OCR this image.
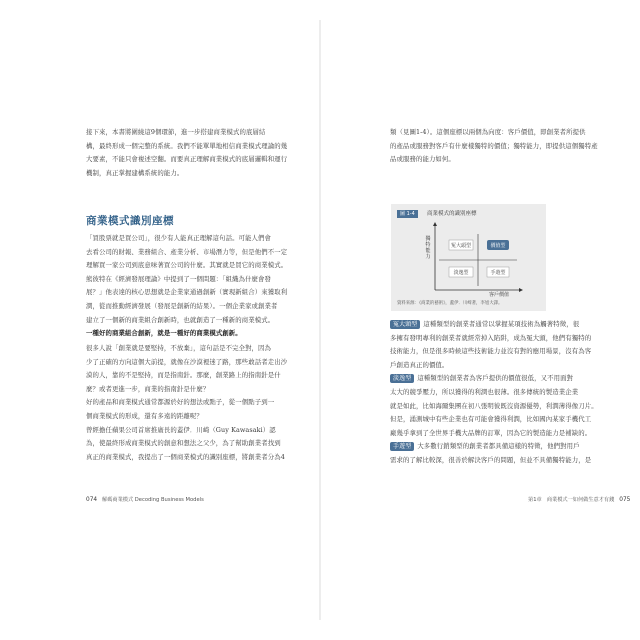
接下來，本書將圍繞這9個環節，進一步搭建商業模式的底層結
構，最終形成一個完整的系統。我們不能單單地相信商業模式理論的幾
大要素，不能只會複述空翻。而要真正理解商業模式的底層邏輯和運行
機制，真正掌握建構系統的能力。
商業模式識別座標
「買股票就是買公司」，很少有人能真正理解這句話。可能人們會
去看公司的財報、業務組合、產業分析、市場潛力等，但是他們不一定
理解買一家公司到底意味著買公司的什麼。其實就是買它的商業模式。
熊彼特在《經濟發展理論》中提到了一個問題：「組織為什麼會發
展？」他表達的核心思想就是企業家通過創新（實現新組合）來獲取利
潤，從而推動經濟發展（發展是創新的結果）。一個企業家或創業者
建立了一個新的商業組合創新時，也就創造了一種新的商業模式。
一種好的商業組合創新，就是一種好的商業模式創新。
很多人說「創業就是要堅持，不放棄」，這句話是不完全對，因為
少了正確的方向這個大前提，就像在沙漠裡迷了路，那些敢話者走出沙
漠的人，靠的不是堅持，而是指南針。那麼，創業路上的指南針是什
麼？或者更進一步，商業的指南針是什麼？
好的產品和商業模式通常都源於好的想法或點子，從一個點子到一
個商業模式的形成，還有多遠的距離呢？
曾經擔任蘋果公司首席推廣長的蓋伊．川崎（Guy Kawasaki）認
為，使最終形成商業模式的創意和想法之父少，為了幫助創業者找到
真正的商業模式，我提出了一個商業模式的識別座標，將創業者分為4
074 解碼商業模式 Decoding Business Models
類（見圖1-4）。這個座標以兩個為向度：客戶價值，即創業者所提供
的產品或服務對客戶有什麼樣獨特的價值；獨特能力，即提供這個獨特產
品或服務的能力如何。
冤大頭型 這種類型的創業者通常以掌握某項技術為觸著特徵，很
多擁有發明專利的創業者就經常掉入陷阱，成為冤大頭，他們有獨特的
技術能力，但是很多時候這些技術能力並沒有對的應用場景，沒有為客
戶創造真正的價值。
淡逸型 這種類型的創業者為客戶提供的價值很低，又不用面對
太大的競爭壓力，所以獲得的利潤也很薄。很多傳統的製造業企業
就是如此，比如海爾集團在初八張明彼既沒資源優勢，利潤薄得像刀片。
但是，涌測城中有些企業也有可能會獲得利潤，比如國內某家手機代工
廠幾乎拿到了全世界手機大品牌的訂單，因為它的製造能力是補缺的。
手遊型 大多數行銷類型的創業者都具備這樣的特徵，他們對用戶
需求的了解比較深，很善於解決客戶的問題，但並不具備獨特能力，是
第1章　商業模式一如何做生意才有錢 075
圖 1-4	商業模式的識別座標
冤大頭型	價值型
淡逸型	手遊型
獨
特
能
力
客戶價值
資料來源：《商業的藝術》，蓋伊．川崎著，李旭大譯。
